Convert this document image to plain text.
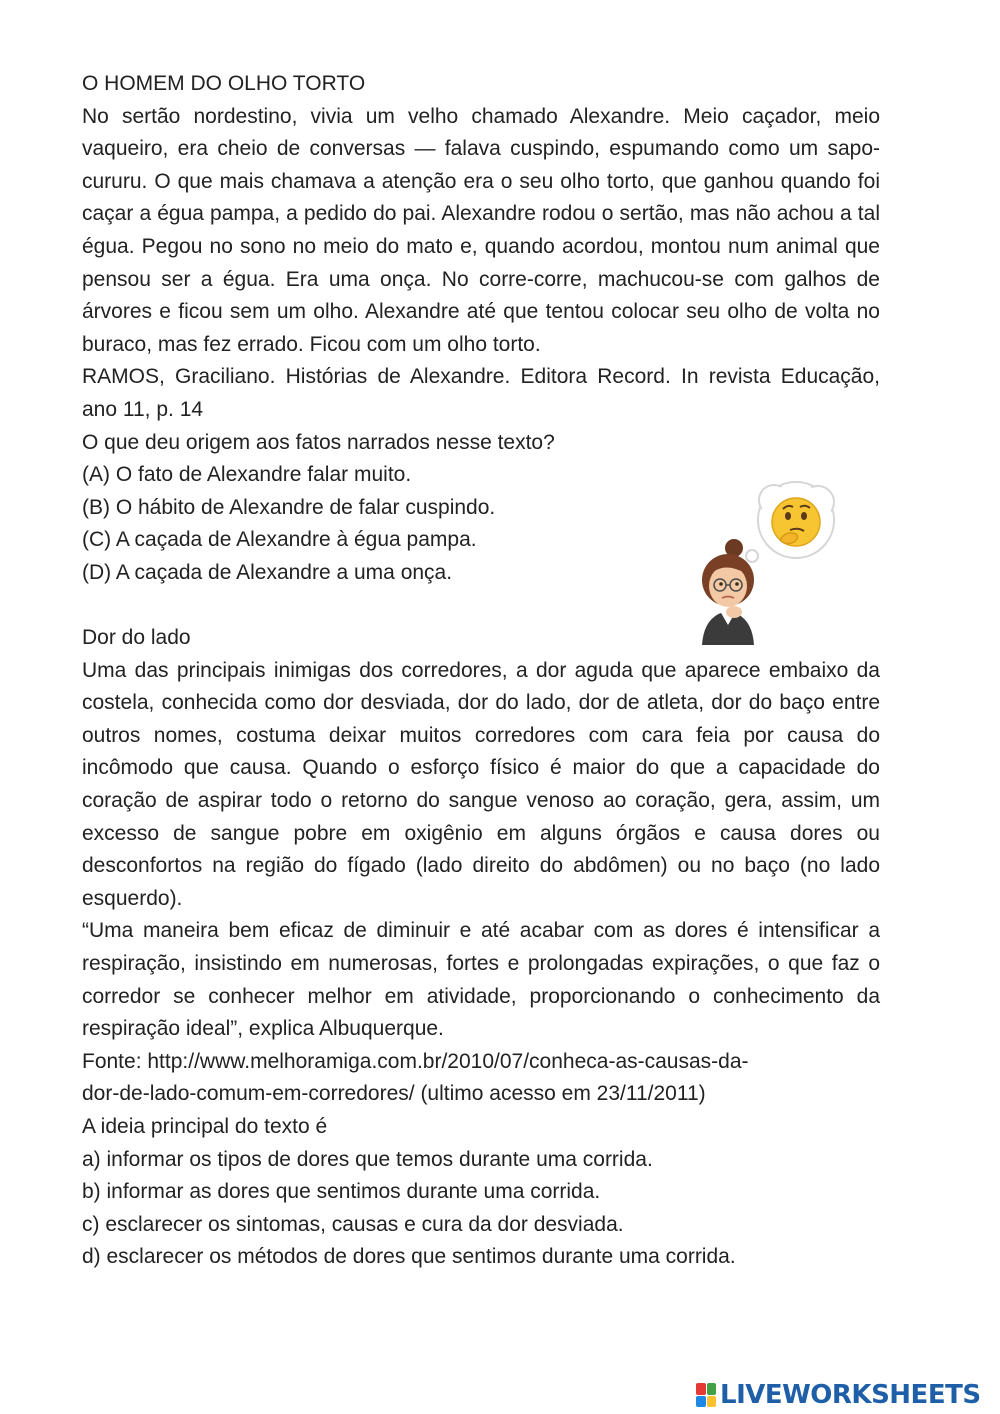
O HOMEM DO OLHO TORTO
No sertão nordestino, vivia um velho chamado Alexandre. Meio caçador, meio vaqueiro, era cheio de conversas — falava cuspindo, espumando como um sapo-cururu. O que mais chamava a atenção era o seu olho torto, que ganhou quando foi caçar a égua pampa, a pedido do pai. Alexandre rodou o sertão, mas não achou a tal égua. Pegou no sono no meio do mato e, quando acordou, montou num animal que pensou ser a égua. Era uma onça. No corre-corre, machucou-se com galhos de árvores e ficou sem um olho. Alexandre até que tentou colocar seu olho de volta no buraco, mas fez errado. Ficou com um olho torto.
RAMOS, Graciliano. Histórias de Alexandre. Editora Record. In revista Educação, ano 11, p. 14
O que deu origem aos fatos narrados nesse texto?
(A) O fato de Alexandre falar muito.
(B) O hábito de Alexandre de falar cuspindo.
(C) A caçada de Alexandre à égua pampa.
(D) A caçada de Alexandre a uma onça.
Dor do lado
Uma das principais inimigas dos corredores, a dor aguda que aparece embaixo da costela, conhecida como dor desviada, dor do lado, dor de atleta, dor do baço entre outros nomes, costuma deixar muitos corredores com cara feia por causa do incômodo que causa. Quando o esforço físico é maior do que a capacidade do coração de aspirar todo o retorno do sangue venoso ao coração, gera, assim, um excesso de sangue pobre em oxigênio em alguns órgãos e causa dores ou desconfortos na região do fígado (lado direito do abdômen) ou no baço (no lado esquerdo).
“Uma maneira bem eficaz de diminuir e até acabar com as dores é intensificar a respiração, insistindo em numerosas, fortes e prolongadas expirações, o que faz o corredor se conhecer melhor em atividade, proporcionando o conhecimento da respiração ideal”, explica Albuquerque.
Fonte: http://www.melhoramiga.com.br/2010/07/conheca-as-causas-da-
dor-de-lado-comum-em-corredores/ (ultimo acesso em 23/11/2011)
A ideia principal do texto é
a) informar os tipos de dores que temos durante uma corrida.
b) informar as dores que sentimos durante uma corrida.
c) esclarecer os sintomas, causas e cura da dor desviada.
d) esclarecer os métodos de dores que sentimos durante uma corrida.
LIVEWORKSHEETS
